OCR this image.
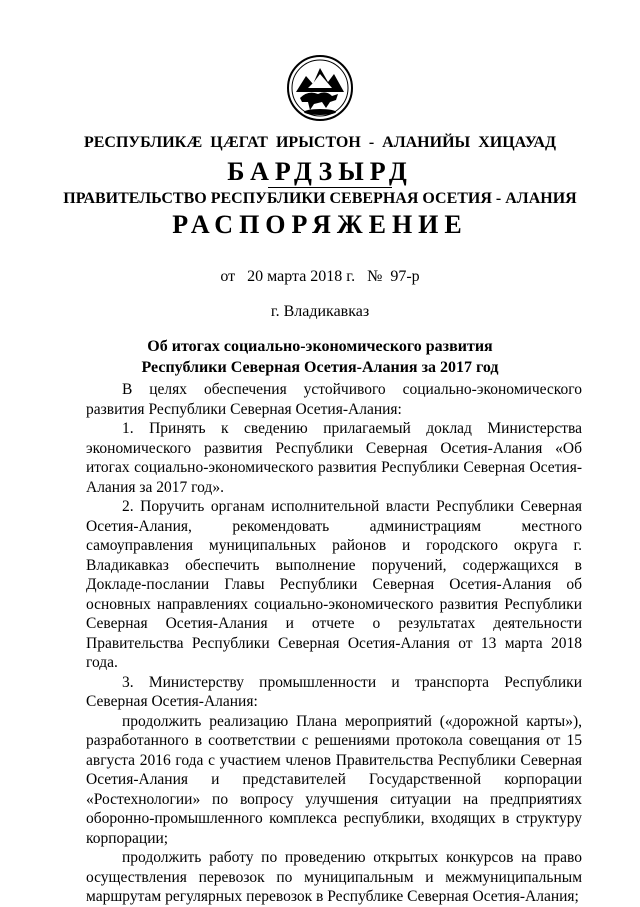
РЕСПУБЛИКӔ ЦӔГАТ ИРЫСТОН - АЛАНИЙЫ ХИЦАУАД
БАРДЗЫРД
ПРАВИТЕЛЬСТВО РЕСПУБЛИКИ СЕВЕРНАЯ ОСЕТИЯ - АЛАНИЯ
РАСПОРЯЖЕНИЕ
от 20 марта 2018 г. № 97-р
г. Владикавказ
Об итогах социально-экономического развития
Республики Северная Осетия-Алания за 2017 год

В целях обеспечения устойчивого социально-экономического развития Республики Северная Осетия-Алания:

1. Принять к сведению прилагаемый доклад Министерства экономического развития Республики Северная Осетия-Алания «Об итогах социально-экономического развития Республики Северная Осетия-Алания за 2017 год».

2. Поручить органам исполнительной власти Республики Северная Осетия-Алания, рекомендовать администрациям местного самоуправления муниципальных районов и городского округа г. Владикавказ обеспечить выполнение поручений, содержащихся в Докладе-послании Главы Республики Северная Осетия-Алания об основных направлениях социально-экономического развития Республики Северная Осетия-Алания и отчете о результатах деятельности Правительства Республики Северная Осетия-Алания от 13 марта 2018 года.

3. Министерству промышленности и транспорта Республики Северная Осетия-Алания:

продолжить реализацию Плана мероприятий («дорожной карты»), разработанного в соответствии с решениями протокола совещания от 15 августа 2016 года с участием членов Правительства Республики Северная Осетия-Алания и представителей Государственной корпорации «Ростехнологии» по вопросу улучшения ситуации на предприятиях оборонно-промышленного комплекса республики, входящих в структуру корпорации;

продолжить работу по проведению открытых конкурсов на право осуществления перевозок по муниципальным и межмуниципальным маршрутам регулярных перевозок в Республике Северная Осетия-Алания;
